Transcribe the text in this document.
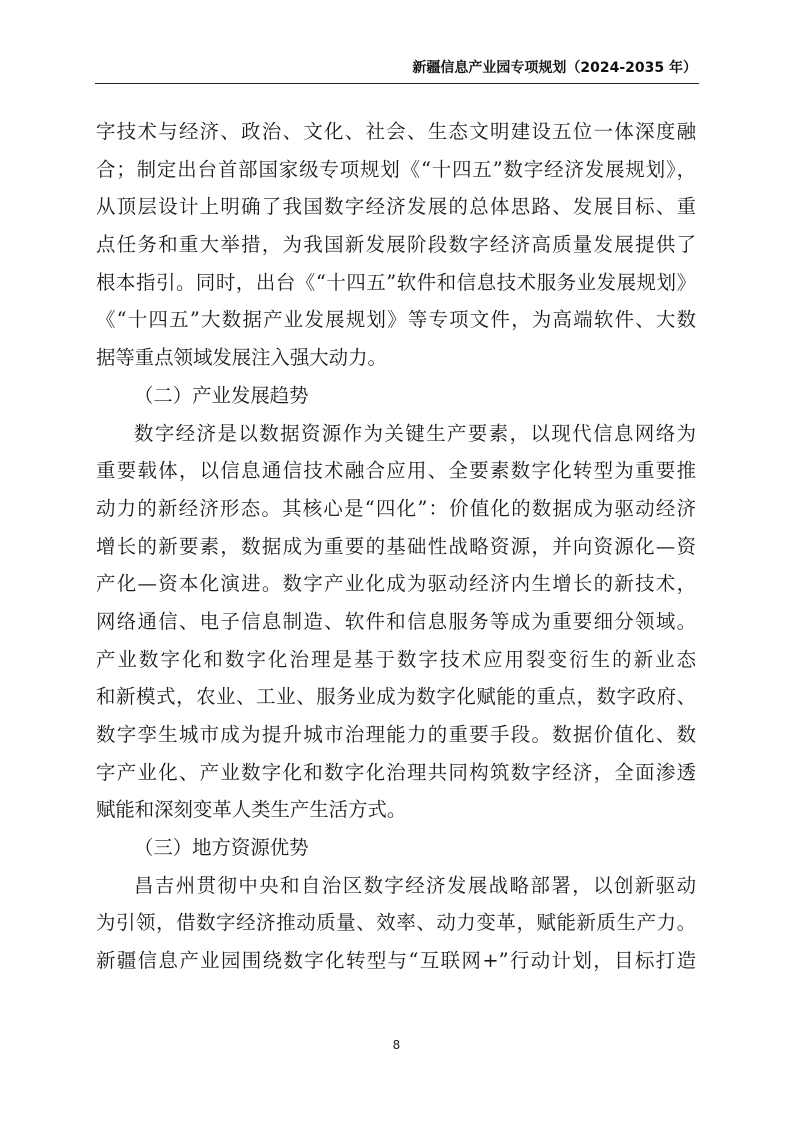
新疆信息产业园专项规划（2024-2035 年）
字技术与经济、政治、文化、社会、生态文明建设五位一体深度融
合；制定出台首部国家级专项规划《“十四五”数字经济发展规划》，
从顶层设计上明确了我国数字经济发展的总体思路、发展目标、重
点任务和重大举措，为我国新发展阶段数字经济高质量发展提供了
根本指引。同时，出台《“十四五”软件和信息技术服务业发展规划》
《“十四五”大数据产业发展规划》等专项文件，为高端软件、大数
据等重点领域发展注入强大动力。
（二）产业发展趋势
数字经济是以数据资源作为关键生产要素，以现代信息网络为
重要载体，以信息通信技术融合应用、全要素数字化转型为重要推
动力的新经济形态。其核心是“四化”：价值化的数据成为驱动经济
增长的新要素，数据成为重要的基础性战略资源，并向资源化—资
产化—资本化演进。数字产业化成为驱动经济内生增长的新技术，
网络通信、电子信息制造、软件和信息服务等成为重要细分领域。
产业数字化和数字化治理是基于数字技术应用裂变衍生的新业态
和新模式，农业、工业、服务业成为数字化赋能的重点，数字政府、
数字孪生城市成为提升城市治理能力的重要手段。数据价值化、数
字产业化、产业数字化和数字化治理共同构筑数字经济，全面渗透
赋能和深刻变革人类生产生活方式。
（三）地方资源优势
昌吉州贯彻中央和自治区数字经济发展战略部署，以创新驱动
为引领，借数字经济推动质量、效率、动力变革，赋能新质生产力。
新疆信息产业园围绕数字化转型与“互联网+”行动计划，目标打造
8
